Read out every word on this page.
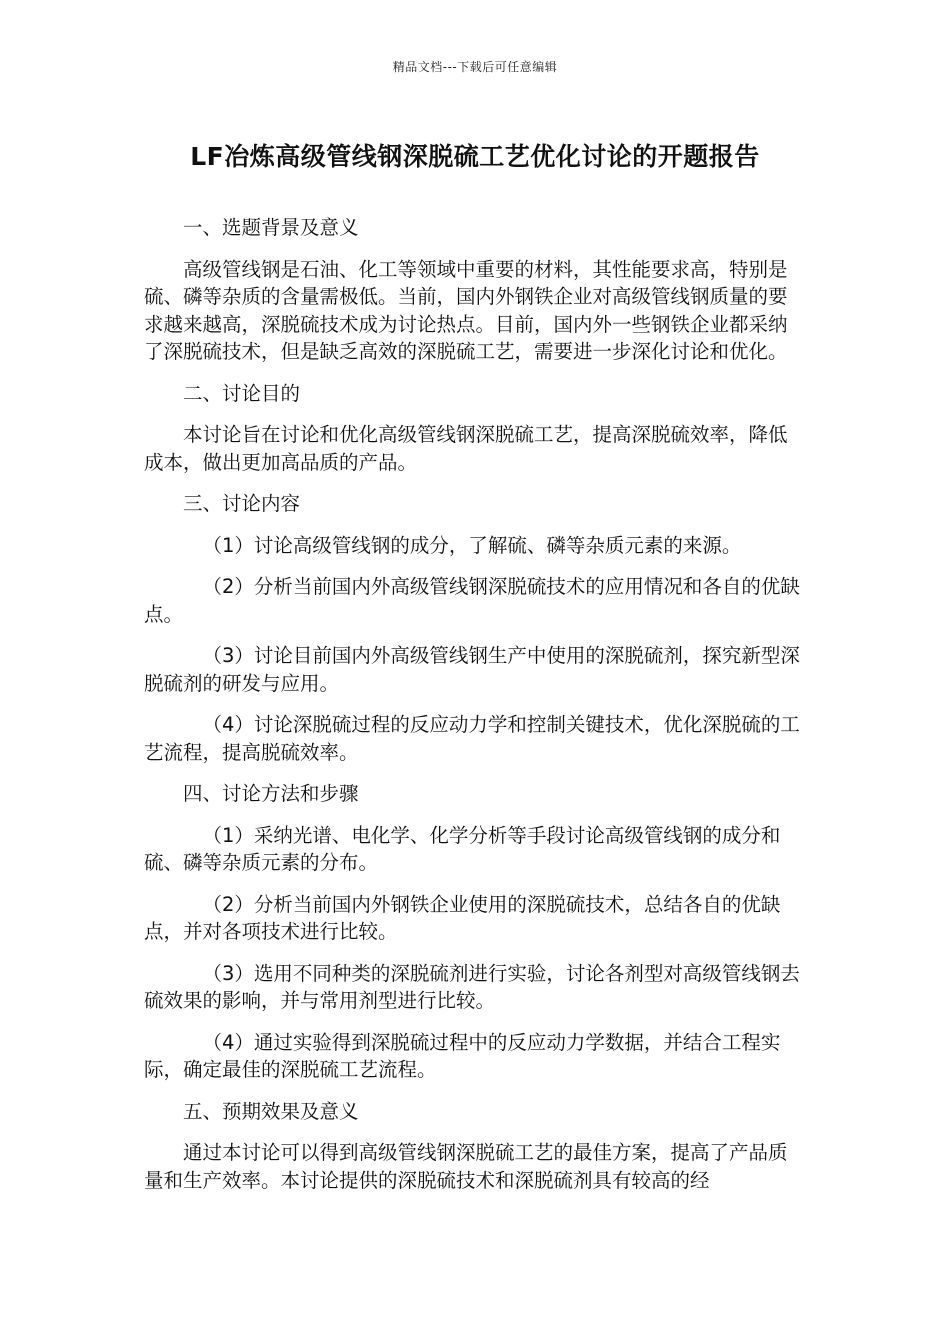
精品文档---下载后可任意编辑
LF冶炼高级管线钢深脱硫工艺优化讨论的开题报告
一、选题背景及意义

高级管线钢是石油、化工等领域中重要的材料，其性能要求高，特别是硫、磷等杂质的含量需极低。当前，国内外钢铁企业对高级管线钢质量的要求越来越高，深脱硫技术成为讨论热点。目前，国内外一些钢铁企业都采纳了深脱硫技术，但是缺乏高效的深脱硫工艺，需要进一步深化讨论和优化。

二、讨论目的

本讨论旨在讨论和优化高级管线钢深脱硫工艺，提高深脱硫效率，降低成本，做出更加高品质的产品。

三、讨论内容

（1）讨论高级管线钢的成分，了解硫、磷等杂质元素的来源。

（2）分析当前国内外高级管线钢深脱硫技术的应用情况和各自的优缺点。

（3）讨论目前国内外高级管线钢生产中使用的深脱硫剂，探究新型深脱硫剂的研发与应用。

（4）讨论深脱硫过程的反应动力学和控制关键技术，优化深脱硫的工艺流程，提高脱硫效率。

四、讨论方法和步骤

（1）采纳光谱、电化学、化学分析等手段讨论高级管线钢的成分和硫、磷等杂质元素的分布。

（2）分析当前国内外钢铁企业使用的深脱硫技术，总结各自的优缺点，并对各项技术进行比较。

（3）选用不同种类的深脱硫剂进行实验，讨论各剂型对高级管线钢去硫效果的影响，并与常用剂型进行比较。

（4）通过实验得到深脱硫过程中的反应动力学数据，并结合工程实际，确定最佳的深脱硫工艺流程。

五、预期效果及意义

通过本讨论可以得到高级管线钢深脱硫工艺的最佳方案，提高了产品质量和生产效率。本讨论提供的深脱硫技术和深脱硫剂具有较高的经
